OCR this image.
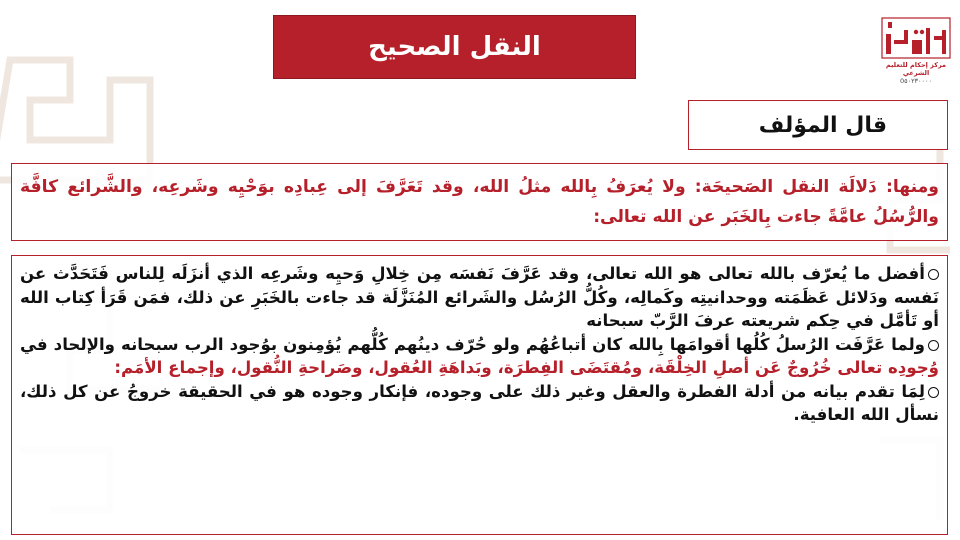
النقل الصحيح
مركز إحكام للتعليم الشرعي
0٥٠٢٣٠٠٠٠
قال المؤلف

ومنها: دَلالَة النقل الصَحيحَة: ولا يُعرَفُ بِالله مثلُ الله، وقد تَعَرَّفَ إلى عِبادِه بوَحْيِه وشَرعِه، والشَّرائع كافَّة والرُّسُلُ عامَّةً جاءت بِالخَبَر عن الله تعالى:

أفضل ما يُعرّف بالله تعالى هو الله تعالى، وقد عَرَّفَ نَفسَه مِن خِلالِ وَحيِه وشَرعِه الذي أنزَلَه لِلناس فَتَحَدَّث عن نَفسه ودَلائل عَظَمَته ووحدانيتِه وكَمالِه، وكُلُّ الرُسُل والشَرائع المُنَزَّلَة قد جاءت بالخَبَرِ عن ذلك، فمَن قَرَأ كِتاب الله أو تَأمَّل في حِكم شريعته عرفَ الرَّبّ سبحانه

ولما عَرَّفَت الرُسلُ كُلُها أقوامَها بِالله كان أتباعُهُم ولو حُرّف دينُهم كُلُّهم يُؤمِنون بوُجود الرب سبحانه والإلحاد في وُجودِه تعالى خُرُوجٌ عَن أصلِ الخِلْقَة، ومُقتَضَى الفِطرَة، وبَداهَةِ العُقول، وصَراحةِ النُّقول، وإجماع الأمَم:

لِمَا تقدم بيانه من أدلة الفطرة والعقل وغير ذلك على وجوده، فإنكار وجوده هو في الحقيقة خروجُ عن كل ذلك، نسأل الله العافية.
